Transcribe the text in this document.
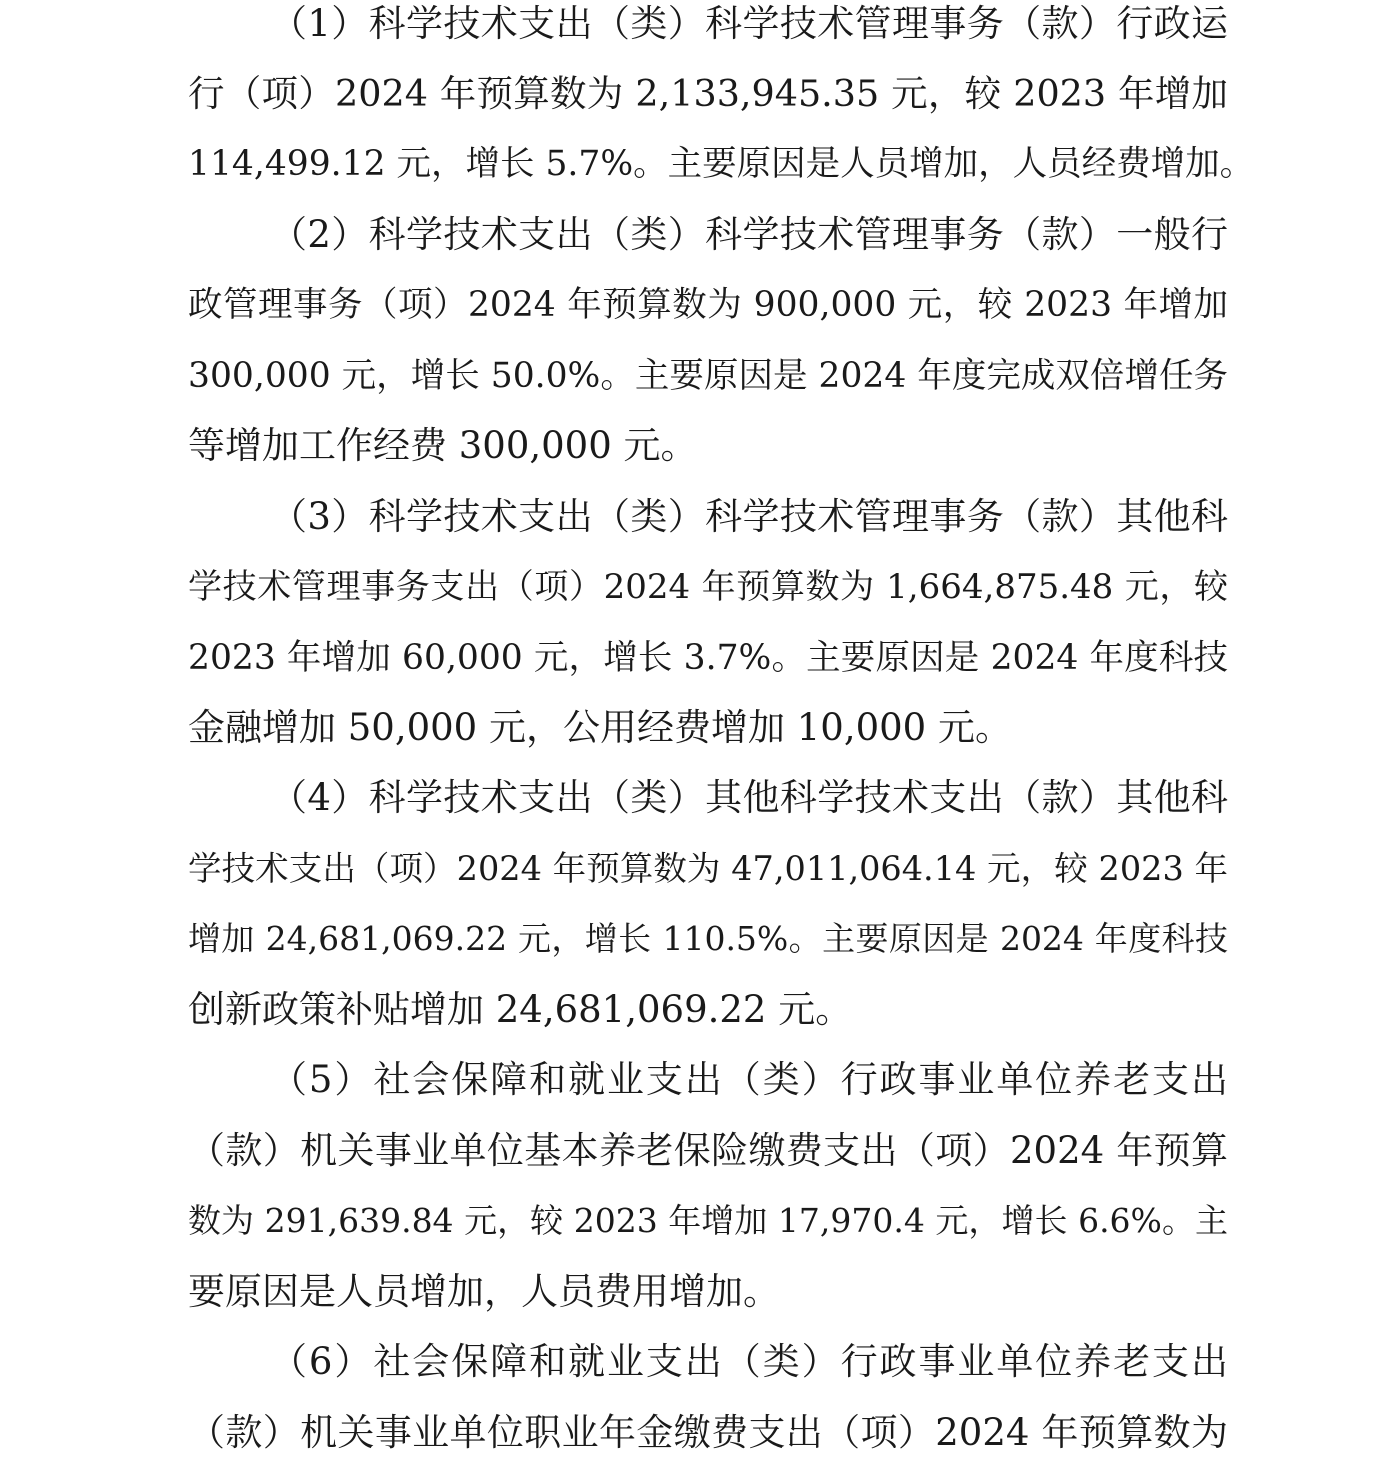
（1）科学技术支出（类）科学技术管理事务（款）行政运
行（项）2024 年预算数为 2,133,945.35 元，较 2023 年增加
114,499.12 元，增长 5.7%。主要原因是人员增加，人员经费增加。
（2）科学技术支出（类）科学技术管理事务（款）一般行
政管理事务（项）2024 年预算数为 900,000 元，较 2023 年增加
300,000 元，增长 50.0%。主要原因是 2024 年度完成双倍增任务
等增加工作经费 300,000 元。
（3）科学技术支出（类）科学技术管理事务（款）其他科
学技术管理事务支出（项）2024 年预算数为 1,664,875.48 元，较
2023 年增加 60,000 元，增长 3.7%。主要原因是 2024 年度科技
金融增加 50,000 元，公用经费增加 10,000 元。
（4）科学技术支出（类）其他科学技术支出（款）其他科
学技术支出（项）2024 年预算数为 47,011,064.14 元，较 2023 年
增加 24,681,069.22 元，增长 110.5%。主要原因是 2024 年度科技
创新政策补贴增加 24,681,069.22 元。
（5）社会保障和就业支出（类）行政事业单位养老支出
（款）机关事业单位基本养老保险缴费支出（项）2024 年预算
数为 291,639.84 元，较 2023 年增加 17,970.4 元，增长 6.6%。主
要原因是人员增加，人员费用增加。
（6）社会保障和就业支出（类）行政事业单位养老支出
（款）机关事业单位职业年金缴费支出（项）2024 年预算数为
